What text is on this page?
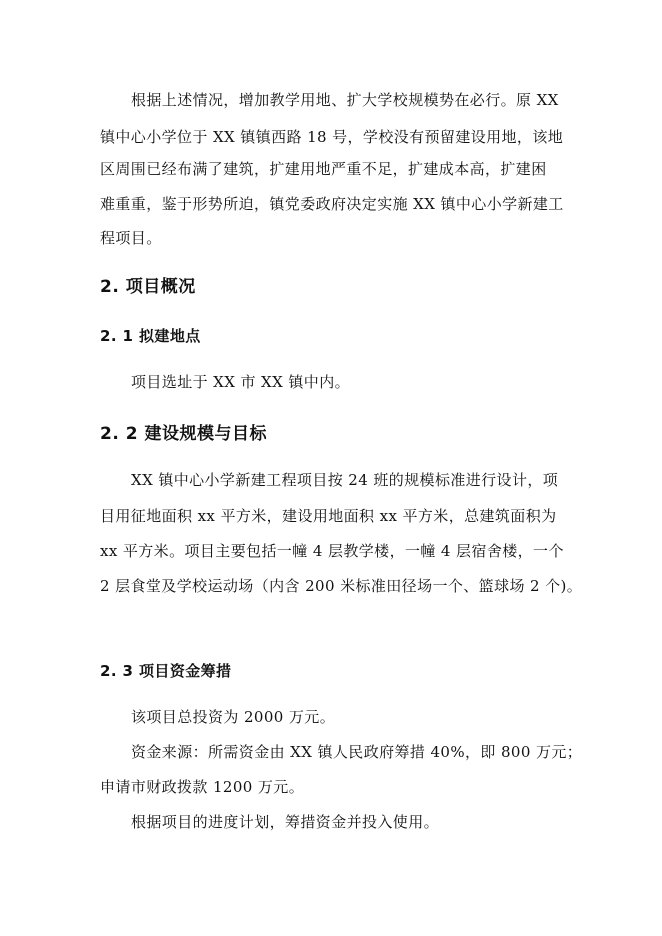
根据上述情况，增加教学用地、扩大学校规模势在必行。原 XX
镇中心小学位于 XX 镇镇西路 18 号，学校没有预留建设用地，该地
区周围已经布满了建筑，扩建用地严重不足，扩建成本高，扩建困
难重重，鉴于形势所迫，镇党委政府决定实施 XX 镇中心小学新建工
程项目。
2. 项目概况
2. 1 拟建地点
项目选址于 XX 市 XX 镇中内。
2. 2 建设规模与目标
XX 镇中心小学新建工程项目按 24 班的规模标准进行设计，项
目用征地面积 xx 平方米，建设用地面积 xx 平方米，总建筑面积为
xx 平方米。项目主要包括一幢 4 层教学楼，一幢 4 层宿舍楼，一个
2 层食堂及学校运动场（内含 200 米标准田径场一个、篮球场 2 个)。
2. 3 项目资金筹措
该项目总投资为 2000 万元。
资金来源：所需资金由 XX 镇人民政府筹措 40%，即 800 万元；
申请市财政拨款 1200 万元。
根据项目的进度计划，筹措资金并投入使用。
